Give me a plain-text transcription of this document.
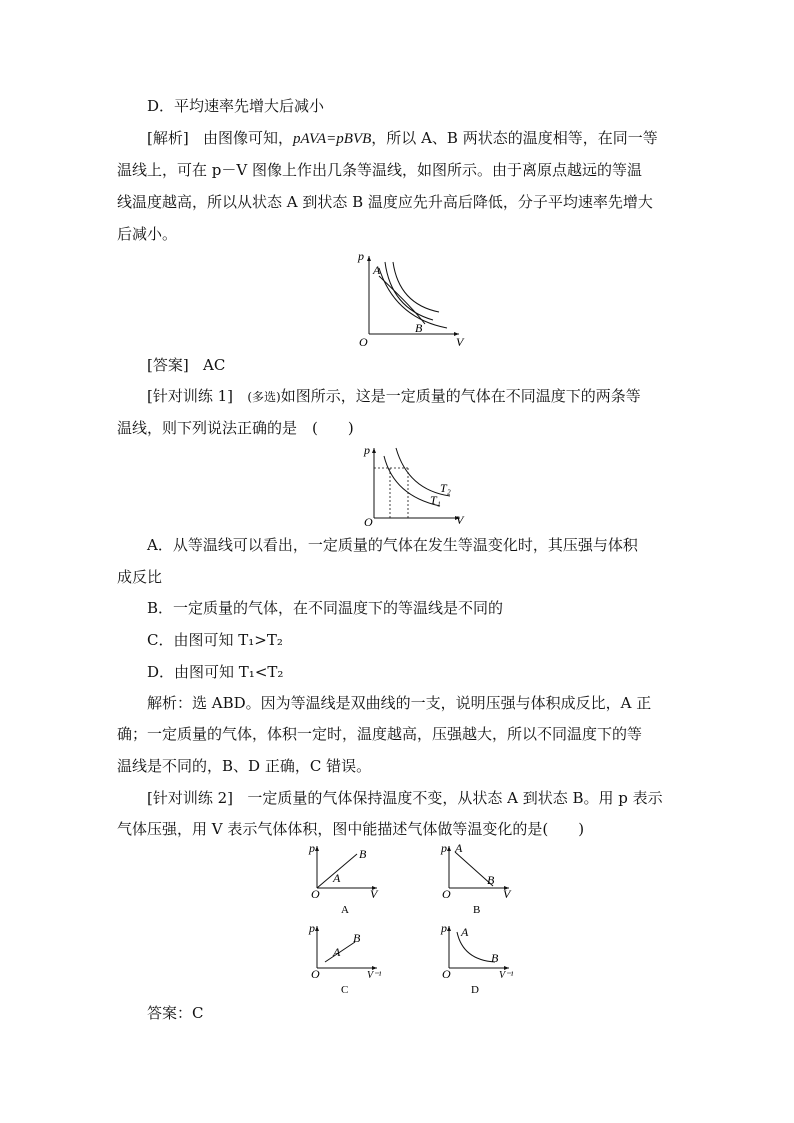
D．平均速率先增大后减小
[解析] 由图像可知，pAVA=pBVB，所以 A、B 两状态的温度相等，在同一等
温线上，可在 p－V 图像上作出几条等温线，如图所示。由于离原点越远的等温
线温度越高，所以从状态 A 到状态 B 温度应先升高后降低，分子平均速率先增大
后减小。
p
V
O
A
B
[答案] AC
[针对训练 1] (多选)如图所示，这是一定质量的气体在不同温度下的两条等
温线，则下列说法正确的是　(　　)
p
V
O
T₂
T₁
A．从等温线可以看出，一定质量的气体在发生等温变化时，其压强与体积
成反比
B．一定质量的气体，在不同温度下的等温线是不同的
C．由图可知 T₁>T₂
D．由图可知 T₁<T₂
解析：选 ABD。因为等温线是双曲线的一支，说明压强与体积成反比，A 正
确；一定质量的气体，体积一定时，温度越高，压强越大，所以不同温度下的等
温线是不同的，B、D 正确，C 错误。
[针对训练 2] 一定质量的气体保持温度不变，从状态 A 到状态 B。用 p 表示
气体压强，用 V 表示气体体积，图中能描述气体做等温变化的是(　　)
p
V
O
A
B
A
p
V
O
A
B
B
p
V⁻¹
O
A
B
C
p
V⁻¹
O
A
B
D
答案：C
